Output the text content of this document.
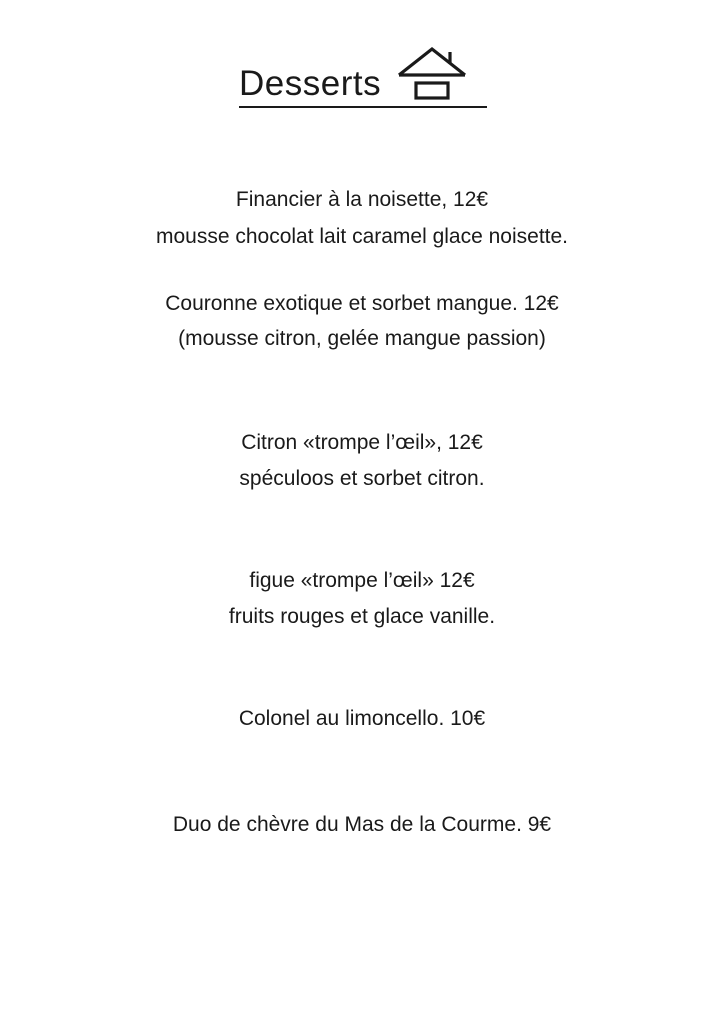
Desserts
Financier à la noisette, 12€
mousse chocolat lait caramel glace noisette.
Couronne exotique et sorbet mangue. 12€
(mousse citron, gelée mangue passion)
Citron «trompe l’œil», 12€
spéculoos et sorbet citron.
figue «trompe l’œil» 12€
fruits rouges et glace vanille.
Colonel au limoncello. 10€
Duo de chèvre du Mas de la Courme. 9€
